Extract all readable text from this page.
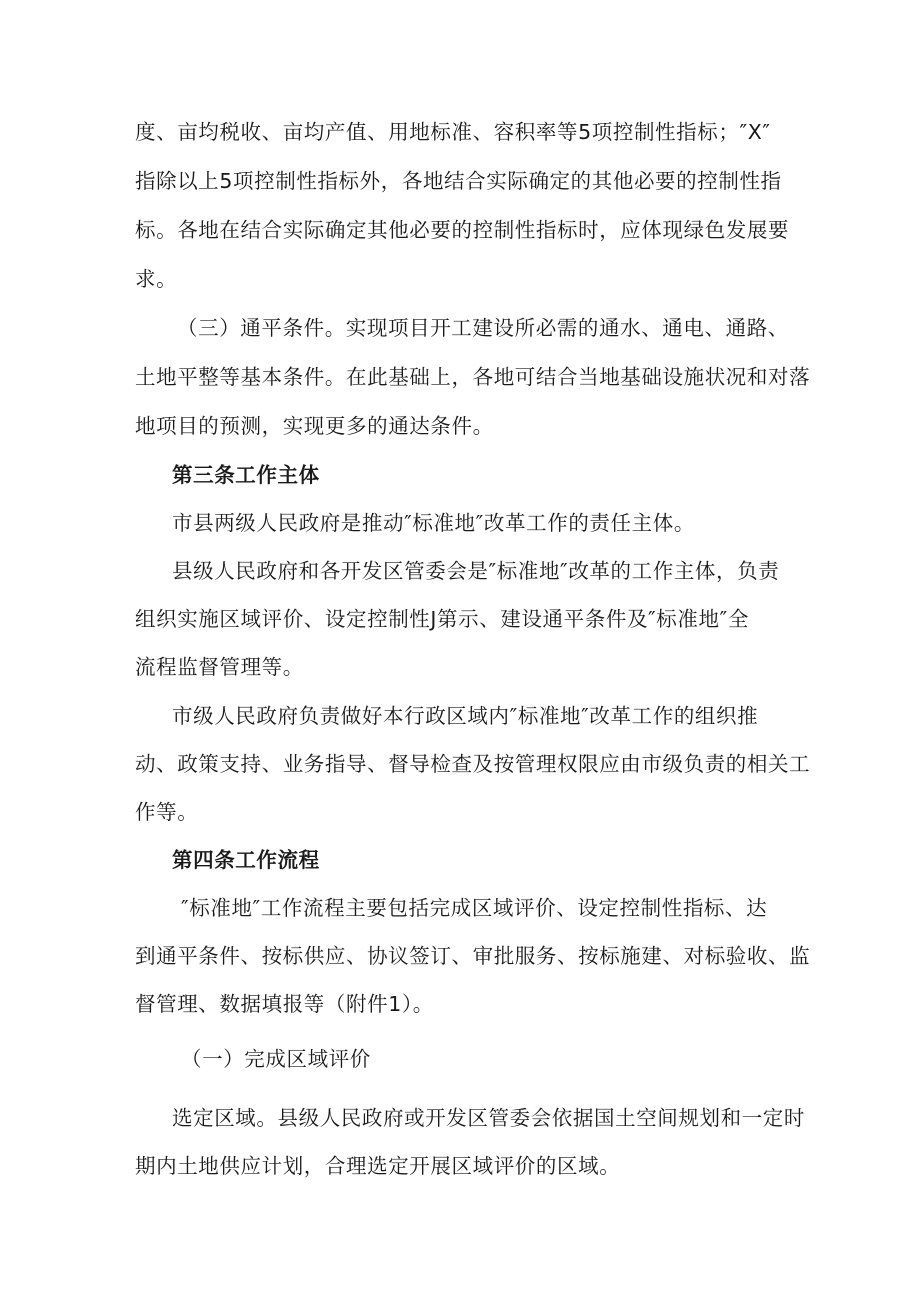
度、亩均税收、亩均产值、用地标准、容积率等5项控制性指标；″X″
指除以上5项控制性指标外，各地结合实际确定的其他必要的控制性指
标。各地在结合实际确定其他必要的控制性指标时，应体现绿色发展要
求。
（三）通平条件。实现项目开工建设所必需的通水、通电、通路、
土地平整等基本条件。在此基础上，各地可结合当地基础设施状况和对落
地项目的预测，实现更多的通达条件。
第三条工作主体
市县两级人民政府是推动″标准地″改革工作的责任主体。
县级人民政府和各开发区管委会是″标准地″改革的工作主体，负责
组织实施区域评价、设定控制性J第示、建设通平条件及″标准地″全
流程监督管理等。
市级人民政府负责做好本行政区域内″标准地″改革工作的组织推
动、政策支持、业务指导、督导检查及按管理权限应由市级负责的相关工
作等。
第四条工作流程
″标准地″工作流程主要包括完成区域评价、设定控制性指标、达
到通平条件、按标供应、协议签订、审批服务、按标施建、对标验收、监
督管理、数据填报等（附件1）。
（一）完成区域评价
选定区域。县级人民政府或开发区管委会依据国土空间规划和一定时
期内土地供应计划，合理选定开展区域评价的区域。
